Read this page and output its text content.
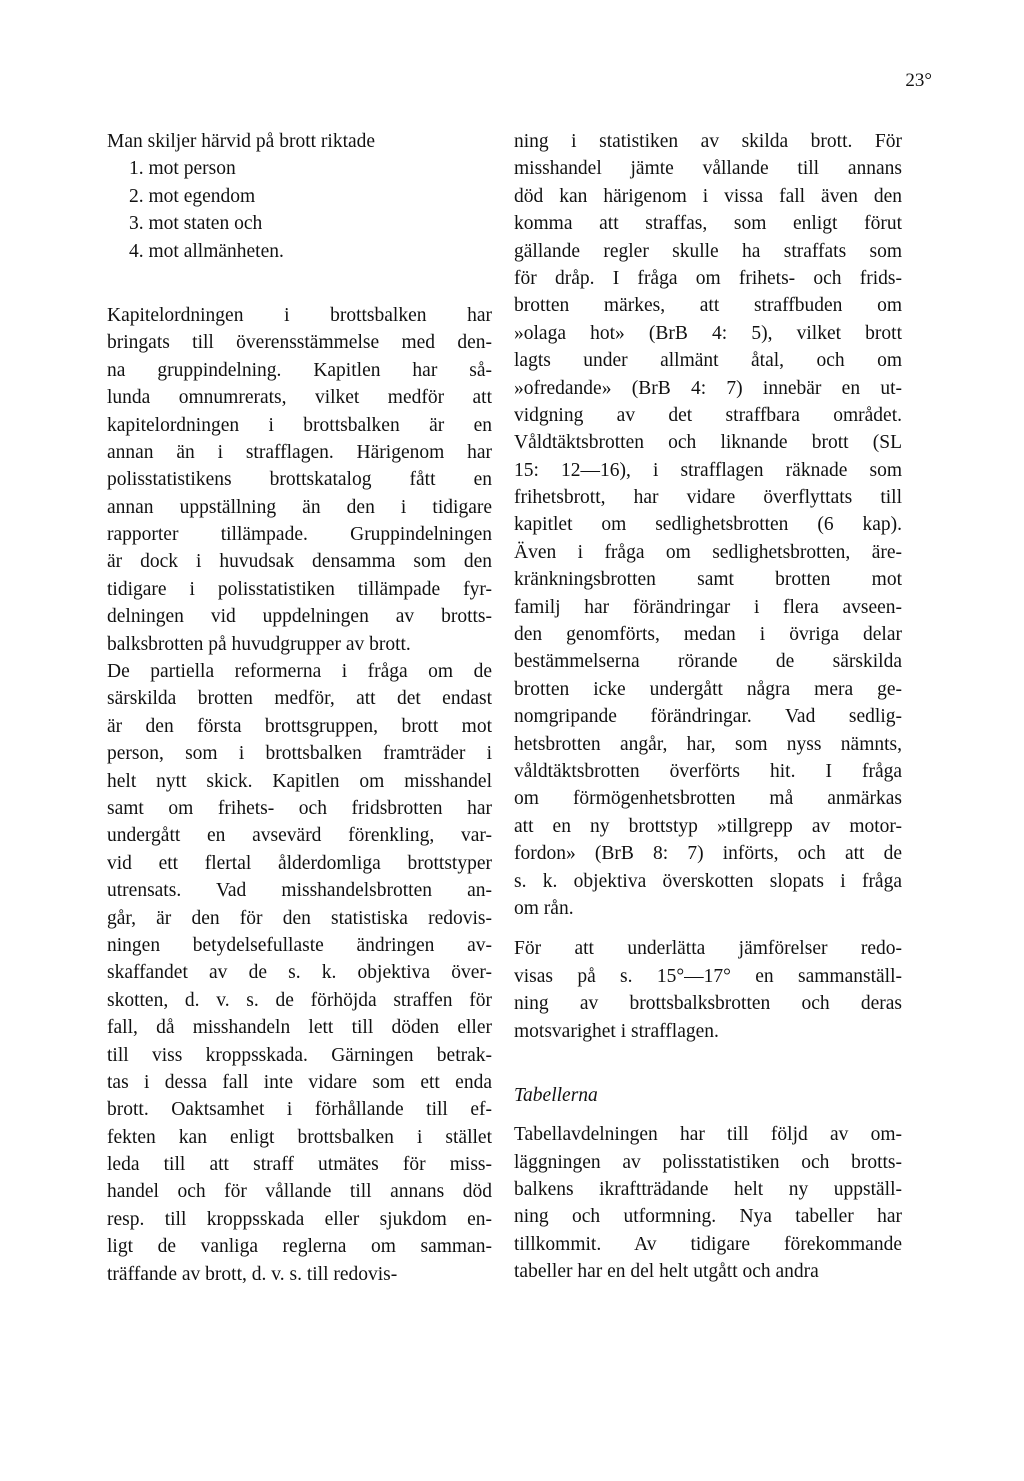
23°
Man skiljer härvid på brott riktade
1. mot person
2. mot egendom
3. mot staten och
4. mot allmänheten.
Kapitelordningen i brottsbalken har
bringats till överensstämmelse med den-
na gruppindelning. Kapitlen har så-
lunda omnumrerats, vilket medför att
kapitelordningen i brottsbalken är en
annan än i strafflagen. Härigenom har
polisstatistikens brottskatalog fått en
annan uppställning än den i tidigare
rapporter tillämpade. Gruppindelningen
är dock i huvudsak densamma som den
tidigare i polisstatistiken tillämpade fyr-
delningen vid uppdelningen av brotts-
balksbrotten på huvudgrupper av brott.
De partiella reformerna i fråga om de
särskilda brotten medför, att det endast
är den första brottsgruppen, brott mot
person, som i brottsbalken framträder i
helt nytt skick. Kapitlen om misshandel
samt om frihets- och fridsbrotten har
undergått en avsevärd förenkling, var-
vid ett flertal ålderdomliga brottstyper
utrensats. Vad misshandelsbrotten an-
går, är den för den statistiska redovis-
ningen betydelsefullaste ändringen av-
skaffandet av de s. k. objektiva över-
skotten, d. v. s. de förhöjda straffen för
fall, då misshandeln lett till döden eller
till viss kroppsskada. Gärningen betrak-
tas i dessa fall inte vidare som ett enda
brott. Oaktsamhet i förhållande till ef-
fekten kan enligt brottsbalken i stället
leda till att straff utmätes för miss-
handel och för vållande till annans död
resp. till kroppsskada eller sjukdom en-
ligt de vanliga reglerna om samman-
träffande av brott, d. v. s. till redovis-
ning i statistiken av skilda brott. För
misshandel jämte vållande till annans
död kan härigenom i vissa fall även den
komma att straffas, som enligt förut
gällande regler skulle ha straffats som
för dråp. I fråga om frihets- och frids-
brotten märkes, att straffbuden om
»olaga hot» (BrB 4: 5), vilket brott
lagts under allmänt åtal, och om
»ofredande» (BrB 4: 7) innebär en ut-
vidgning av det straffbara området.
Våldtäktsbrotten och liknande brott (SL
15: 12—16), i strafflagen räknade som
frihetsbrott, har vidare överflyttats till
kapitlet om sedlighetsbrotten (6 kap).
Även i fråga om sedlighetsbrotten, äre-
kränkningsbrotten samt brotten mot
familj har förändringar i flera avseen-
den genomförts, medan i övriga delar
bestämmelserna rörande de särskilda
brotten icke undergått några mera ge-
nomgripande förändringar. Vad sedlig-
hetsbrotten angår, har, som nyss nämnts,
våldtäktsbrotten överförts hit. I fråga
om förmögenhetsbrotten må anmärkas
att en ny brottstyp »tillgrepp av motor-
fordon» (BrB 8: 7) införts, och att de
s. k. objektiva överskotten slopats i fråga
om rån.
För att underlätta jämförelser redo-
visas på s. 15°—17° en sammanställ-
ning av brottsbalksbrotten och deras
motsvarighet i strafflagen.
Tabellerna
Tabellavdelningen har till följd av om-
läggningen av polisstatistiken och brotts-
balkens ikraftträdande helt ny uppställ-
ning och utformning. Nya tabeller har
tillkommit. Av tidigare förekommande
tabeller har en del helt utgått och andra
